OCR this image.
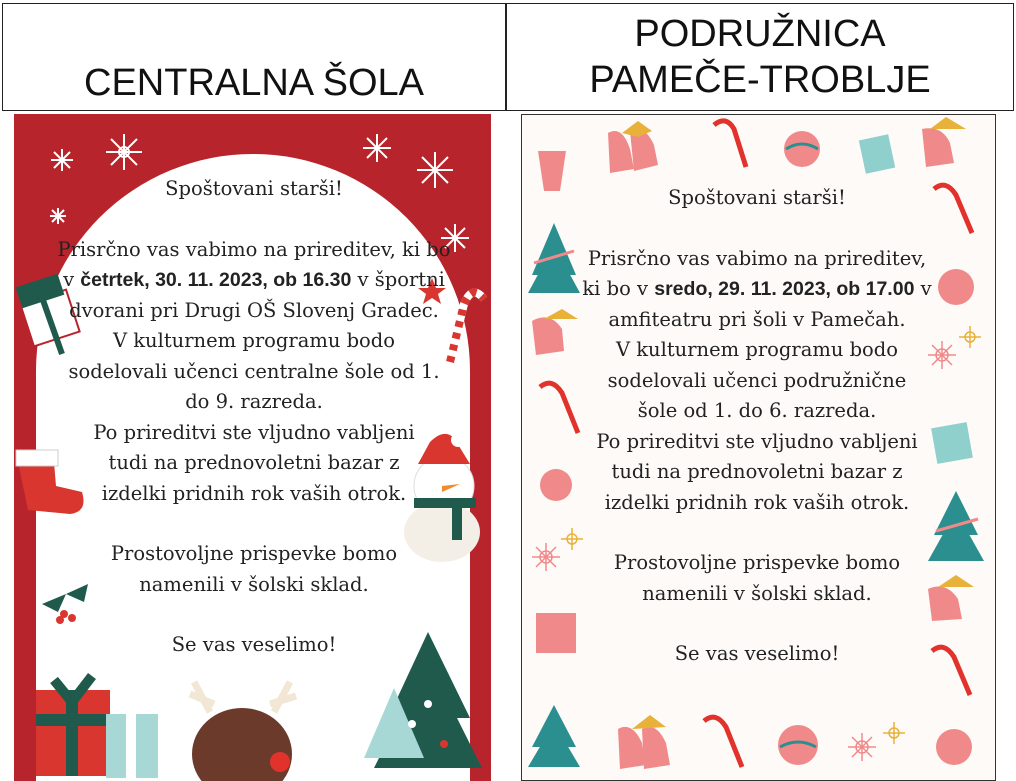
CENTRALNA ŠOLA
PODRUŽNICA
PAMEČE-TROBLJE

Spoštovani starši!

Prisrčno vas vabimo na prireditev, ki bo v četrtek, 30. 11. 2023, ob 16.30 v športni dvorani pri Drugi OŠ Slovenj Gradec.

V kulturnem programu bodo sodelovali učenci centralne šole od 1. do 9. razreda.

Po prireditvi ste vljudno vabljeni tudi na prednovoletni bazar z izdelki pridnih rok vaših otrok.

Prostovoljne prispevke bomo namenili v šolski sklad.

Se vas veselimo!

Spoštovani starši!

Prisrčno vas vabimo na prireditev, ki bo v sredo, 29. 11. 2023, ob 17.00 v amfiteatru pri šoli v Pamečah.

V kulturnem programu bodo sodelovali učenci podružnične šole od 1. do 6. razreda.

Po prireditvi ste vljudno vabljeni tudi na prednovoletni bazar z izdelki pridnih rok vaših otrok.

Prostovoljne prispevke bomo namenili v šolski sklad.

Se vas veselimo!
